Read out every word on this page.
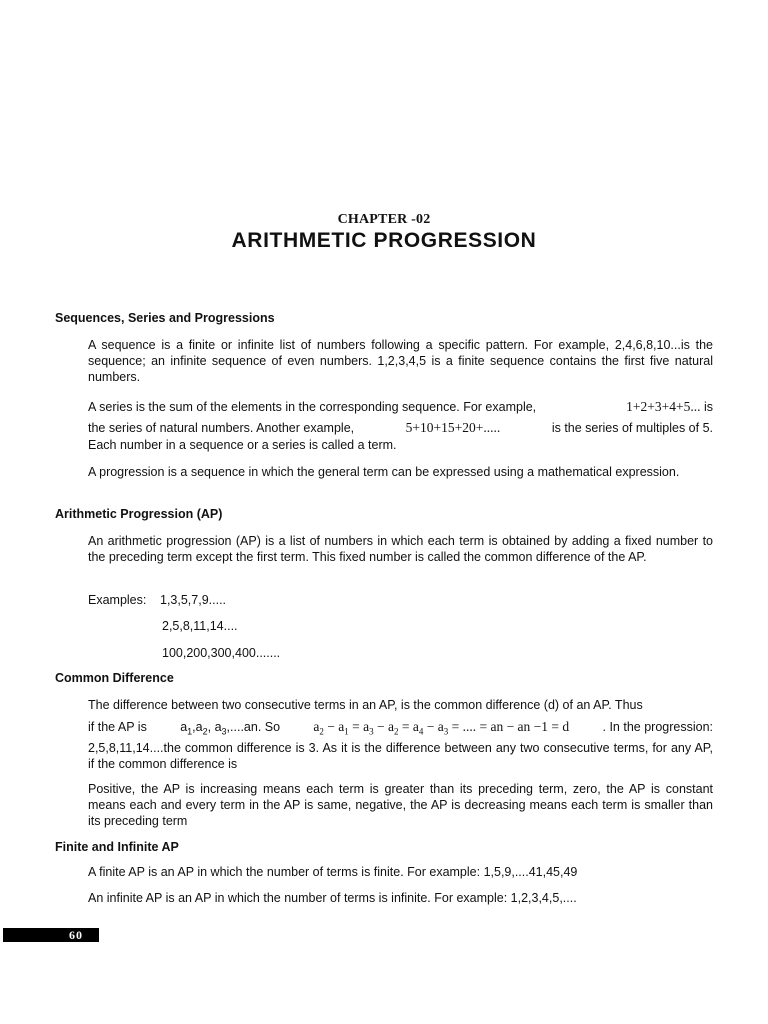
CHAPTER -02
ARITHMETIC PROGRESSION
Sequences, Series and Progressions
A sequence is a finite or infinite list of numbers following a specific pattern. For example, 2,4,6,8,10...is the sequence; an infinite sequence of even numbers. 1,2,3,4,5 is a finite sequence contains the first five natural numbers.
A series is the sum of the elements in the corresponding sequence. For example,	1+2+3+4+5... is
the series of natural numbers. Another example,	5+10+15+20+.....	is the series of multiples of 5.
Each number in a sequence or a series is called a term.
A progression is a sequence in which the general term can be expressed using a mathematical expression.
Arithmetic Progression (AP)
An arithmetic progression (AP) is a list of numbers in which each term is obtained by adding a fixed number to the preceding term except the first term. This fixed number is called the common difference of the AP.
Examples: 1,3,5,7,9.....
2,5,8,11,14....
100,200,300,400.......
Common Difference
The difference between two consecutive terms in an AP, is the common difference (d) of an AP. Thus
if the AP is	$a_1,a_2$, $a_3,....an$. So $a_2 - a_1 = a_3 - a_2 = a_4 - a_3$ = .... = an − an −1 = d	. In the progression:
2,5,8,11,14....the common difference is 3. As it is the difference between any two consecutive terms, for any AP, if the common difference is
Positive, the AP is increasing means each term is greater than its preceding term, zero, the AP is constant means each and every term in the AP is same, negative, the AP is decreasing means each term is smaller than its preceding term
Finite and Infinite AP
A finite AP is an AP in which the number of terms is finite. For example: 1,5,9,....41,45,49
An infinite AP is an AP in which the number of terms is infinite. For example: 1,2,3,4,5,....
60
